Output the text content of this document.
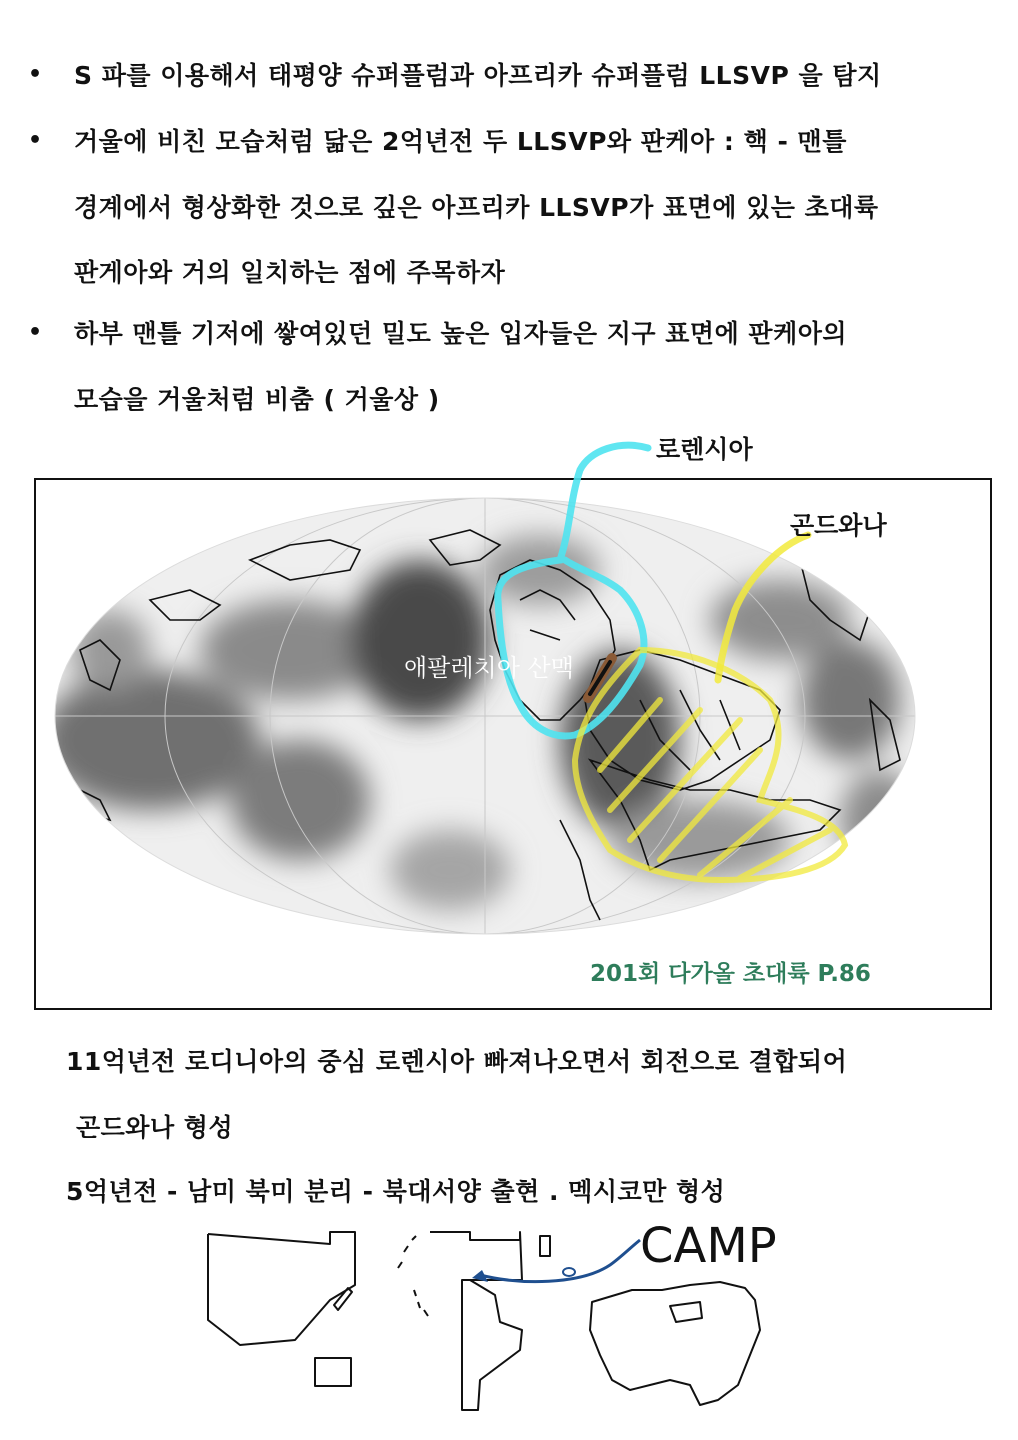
• S 파를 이용해서 태평양 슈퍼플럼과 아프리카 슈퍼플럼 LLSVP 을 탐지
• 거울에 비친 모습처럼 닮은 2억년전 두 LLSVP와 판케아 : 핵 - 맨틀
경계에서 형상화한 것으로 깊은 아프리카 LLSVP가 표면에 있는 초대륙
판게아와 거의 일치하는 점에 주목하자
• 하부 맨틀 기저에 쌓여있던 밀도 높은 입자들은 지구 표면에 판케아의
모습을 거울처럼 비춤 ( 거울상 )
로렌시아
곤드와나
애팔레치아 산맥
201회 다가올 초대륙 P.86
11억년전 로디니아의 중심 로렌시아 빠져나오면서 회전으로 결합되어
곤드와나 형성
5억년전 - 남미 북미 분리 - 북대서양 출현 . 멕시코만 형성
CAMP
